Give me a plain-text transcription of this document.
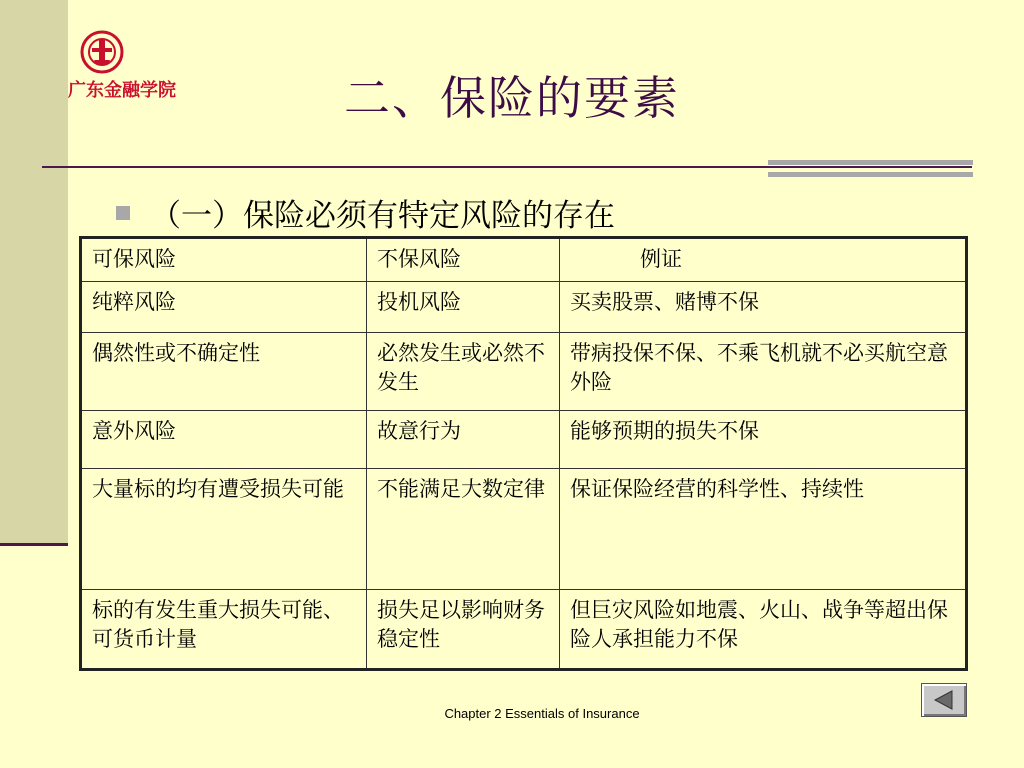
广东金融学院	二、保险的要素
（一）保险必须有特定风险的存在
可保风险	不保风险	例证
纯粹风险	投机风险	买卖股票、赌博不保
偶然性或不确定性	必然发生或必然不发生	带病投保不保、不乘飞机就不必买航空意外险
意外风险	故意行为	能够预期的损失不保
大量标的均有遭受损失可能	不能满足大数定律	保证保险经营的科学性、持续性
标的有发生重大损失可能、可货币计量	损失足以影响财务稳定性	但巨灾风险如地震、火山、战争等超出保险人承担能力不保
Chapter 2 Essentials of Insurance
